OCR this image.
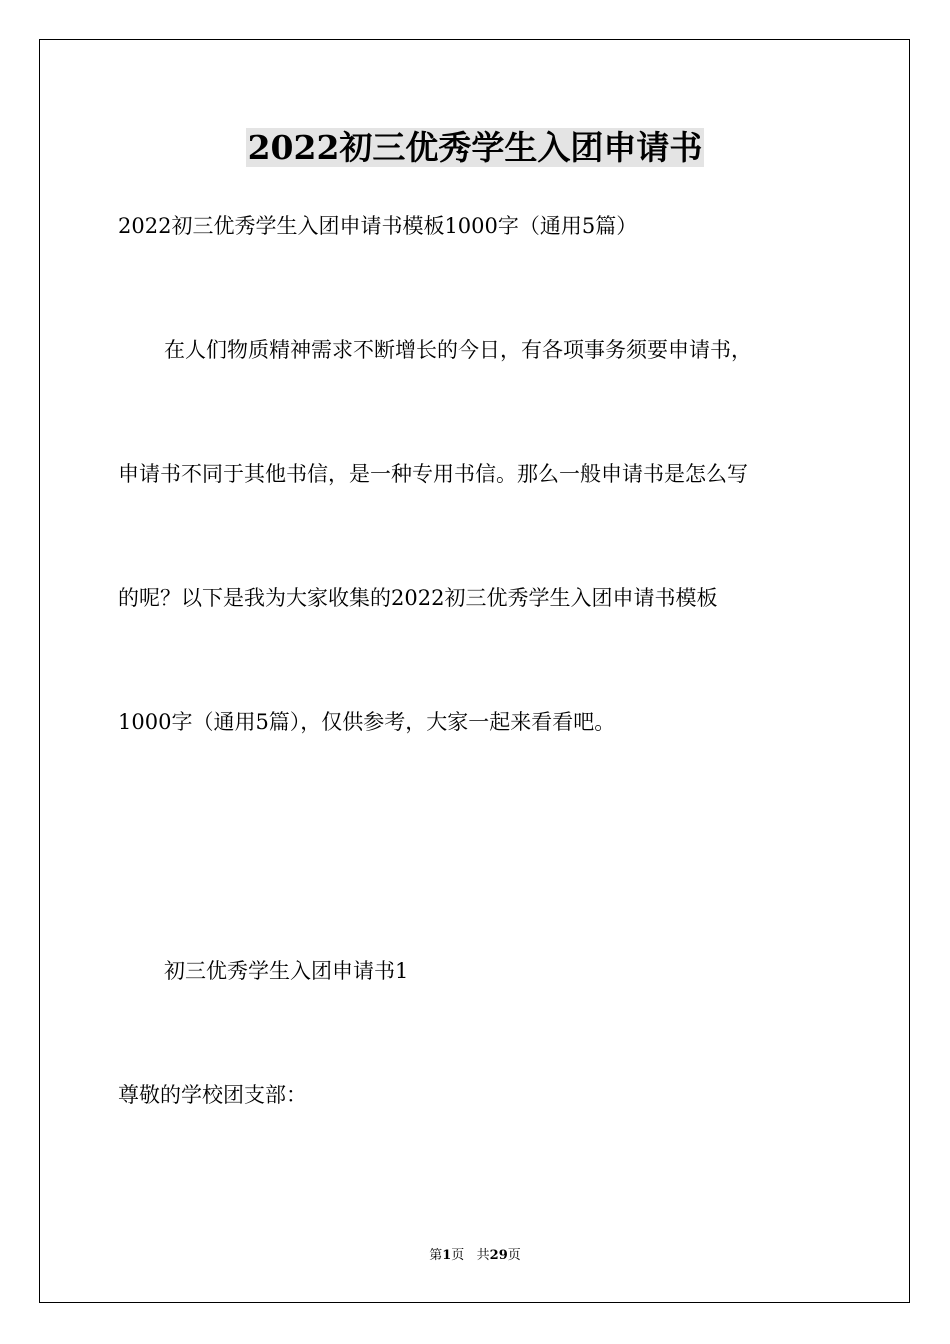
2022初三优秀学生入团申请书
2022初三优秀学生入团申请书模板1000字（通用5篇）
在人们物质精神需求不断增长的今日，有各项事务须要申请书，
申请书不同于其他书信，是一种专用书信。那么一般申请书是怎么写
的呢？以下是我为大家收集的2022初三优秀学生入团申请书模板
1000字（通用5篇），仅供参考，大家一起来看看吧。
初三优秀学生入团申请书1
尊敬的学校团支部：
第1页   共29页
